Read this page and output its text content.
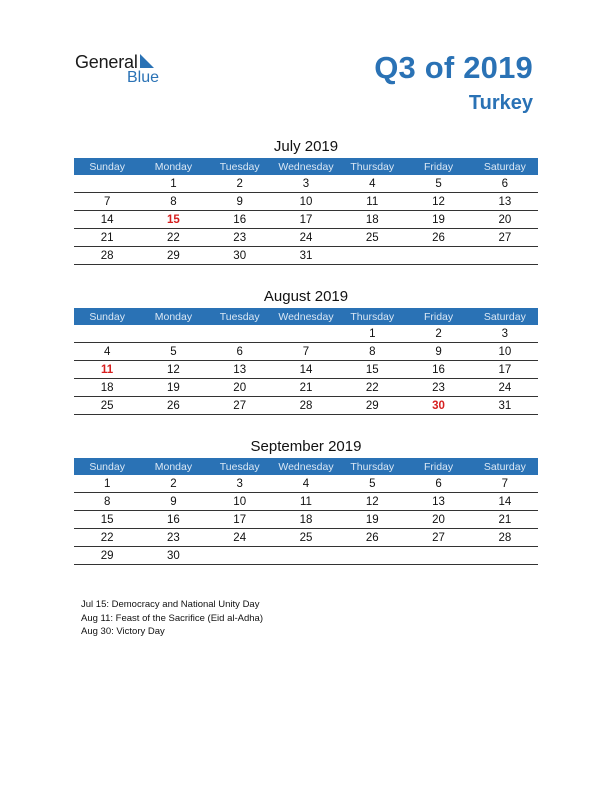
General
Blue	Q3 of 2019
Turkey
July 2019
Sunday	Monday	Tuesday	Wednesday	Thursday	Friday	Saturday
	1	2	3	4	5	6
7	8	9	10	11	12	13
14	15	16	17	18	19	20
21	22	23	24	25	26	27
28	29	30	31			
August 2019
Sunday	Monday	Tuesday	Wednesday	Thursday	Friday	Saturday
				1	2	3
4	5	6	7	8	9	10
11	12	13	14	15	16	17
18	19	20	21	22	23	24
25	26	27	28	29	30	31
September 2019
Sunday	Monday	Tuesday	Wednesday	Thursday	Friday	Saturday
1	2	3	4	5	6	7
8	9	10	11	12	13	14
15	16	17	18	19	20	21
22	23	24	25	26	27	28
29	30					
Jul 15: Democracy and National Unity Day
Aug 11: Feast of the Sacrifice (Eid al-Adha)
Aug 30: Victory Day
